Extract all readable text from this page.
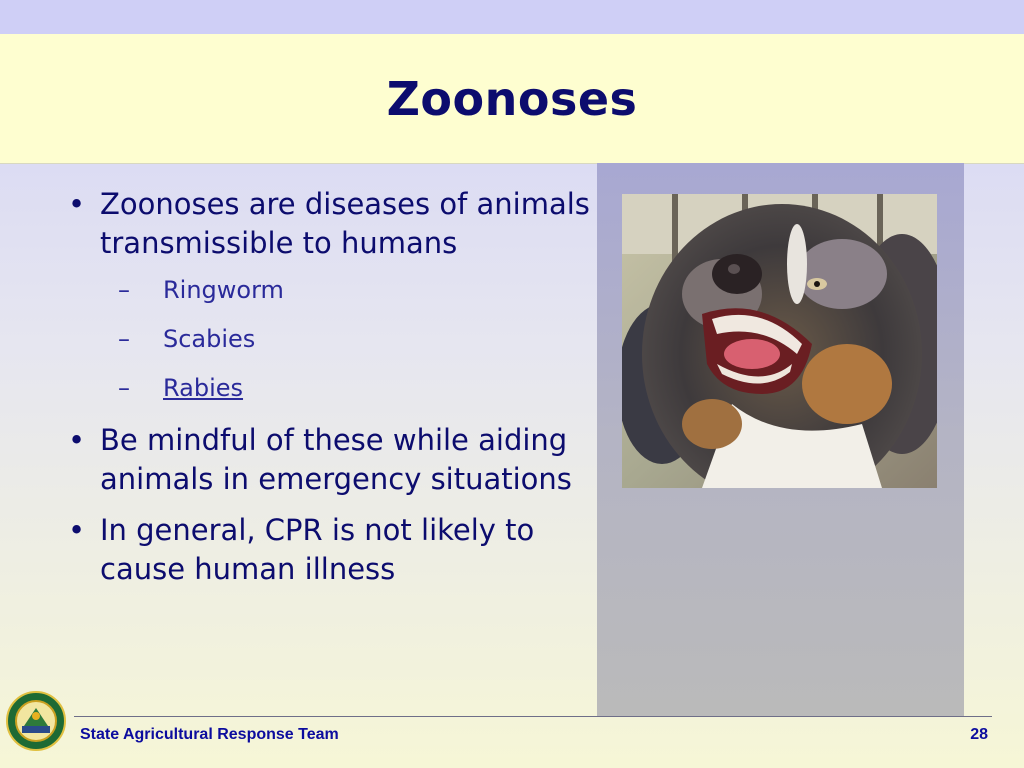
Zoonoses
• Zoonoses are diseases of animals transmissible to humans
– Ringworm
– Scabies
– Rabies
• Be mindful of these while aiding animals in emergency situations
• In general, CPR is not likely to cause human illness
State Agricultural Response Team	28
